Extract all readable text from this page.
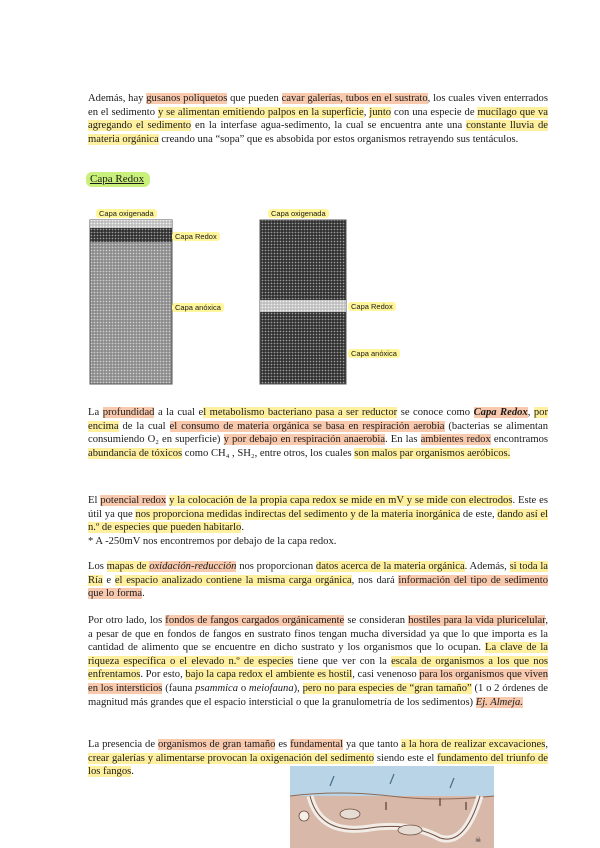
Además, hay gusanos poliquetos que pueden cavar galerías, tubos en el sustrato, los cuales viven enterrados en el sedimento y se alimentan emitiendo palpos en la superficie, junto con una especie de mucílago que va agregando el sedimento en la interfase agua-sedimento, la cual se encuentra ante una constante lluvia de materia orgánica creando una “sopa” que es absobida por estos organismos retrayendo sus tentáculos.
Capa Redox
Capa oxigenada
Capa Redox
Capa anóxica
Capa oxigenada
Capa Redox
Capa anóxica
La profundidad a la cual el metabolismo bacteriano pasa a ser reductor se conoce como Capa Redox, por encima de la cual el consumo de materia orgánica se basa en respiración aerobia (bacterias se alimentan consumiendo O₂ en superficie) y por debajo en respiración anaerobia. En las ambientes redox encontramos abundancia de tóxicos como CH₄ , SH₂, entre otros, los cuales son malos par organismos aeróbicos.
El potencial redox y la colocación de la propia capa redox se mide en mV y se mide con electrodos. Este es útil ya que nos proporciona medidas indirectas del sedimento y de la materia inorgánica de este, dando así el n.º de especies que pueden habitarlo.
* A -250mV nos encontremos por debajo de la capa redox.
Los mapas de oxidación-reducción nos proporcionan datos acerca de la materia orgánica. Además, si toda la Ría e el espacio analizado contiene la misma carga orgánica, nos dará información del tipo de sedimento que lo forma.
Por otro lado, los fondos de fangos cargados orgánicamente se consideran hostiles para la vida pluricelular, a pesar de que en fondos de fangos en sustrato finos tengan mucha diversidad ya que lo que importa es la cantidad de alimento que se encuentre en dicho sustrato y los organismos que lo ocupan. La clave de la riqueza específica o el elevado n.º de especies tiene que ver con la escala de organismos a los que nos enfrentamos. Por esto, bajo la capa redox el ambiente es hostil, casi venenoso para los organismos que viven en los intersticios (fauna psammica o meiofauna), pero no para especies de “gran tamaño” (1 o 2 órdenes de magnitud más grandes que el espacio intersticial o que la granulometría de los sedimentos) Ej. Almeja.
La presencia de organismos de gran tamaño es fundamental ya que tanto a la hora de realizar excavaciones, crear galerías y alimentarse provocan la oxigenación del sedimento siendo este el fundamento del triunfo de los fangos.
☠
